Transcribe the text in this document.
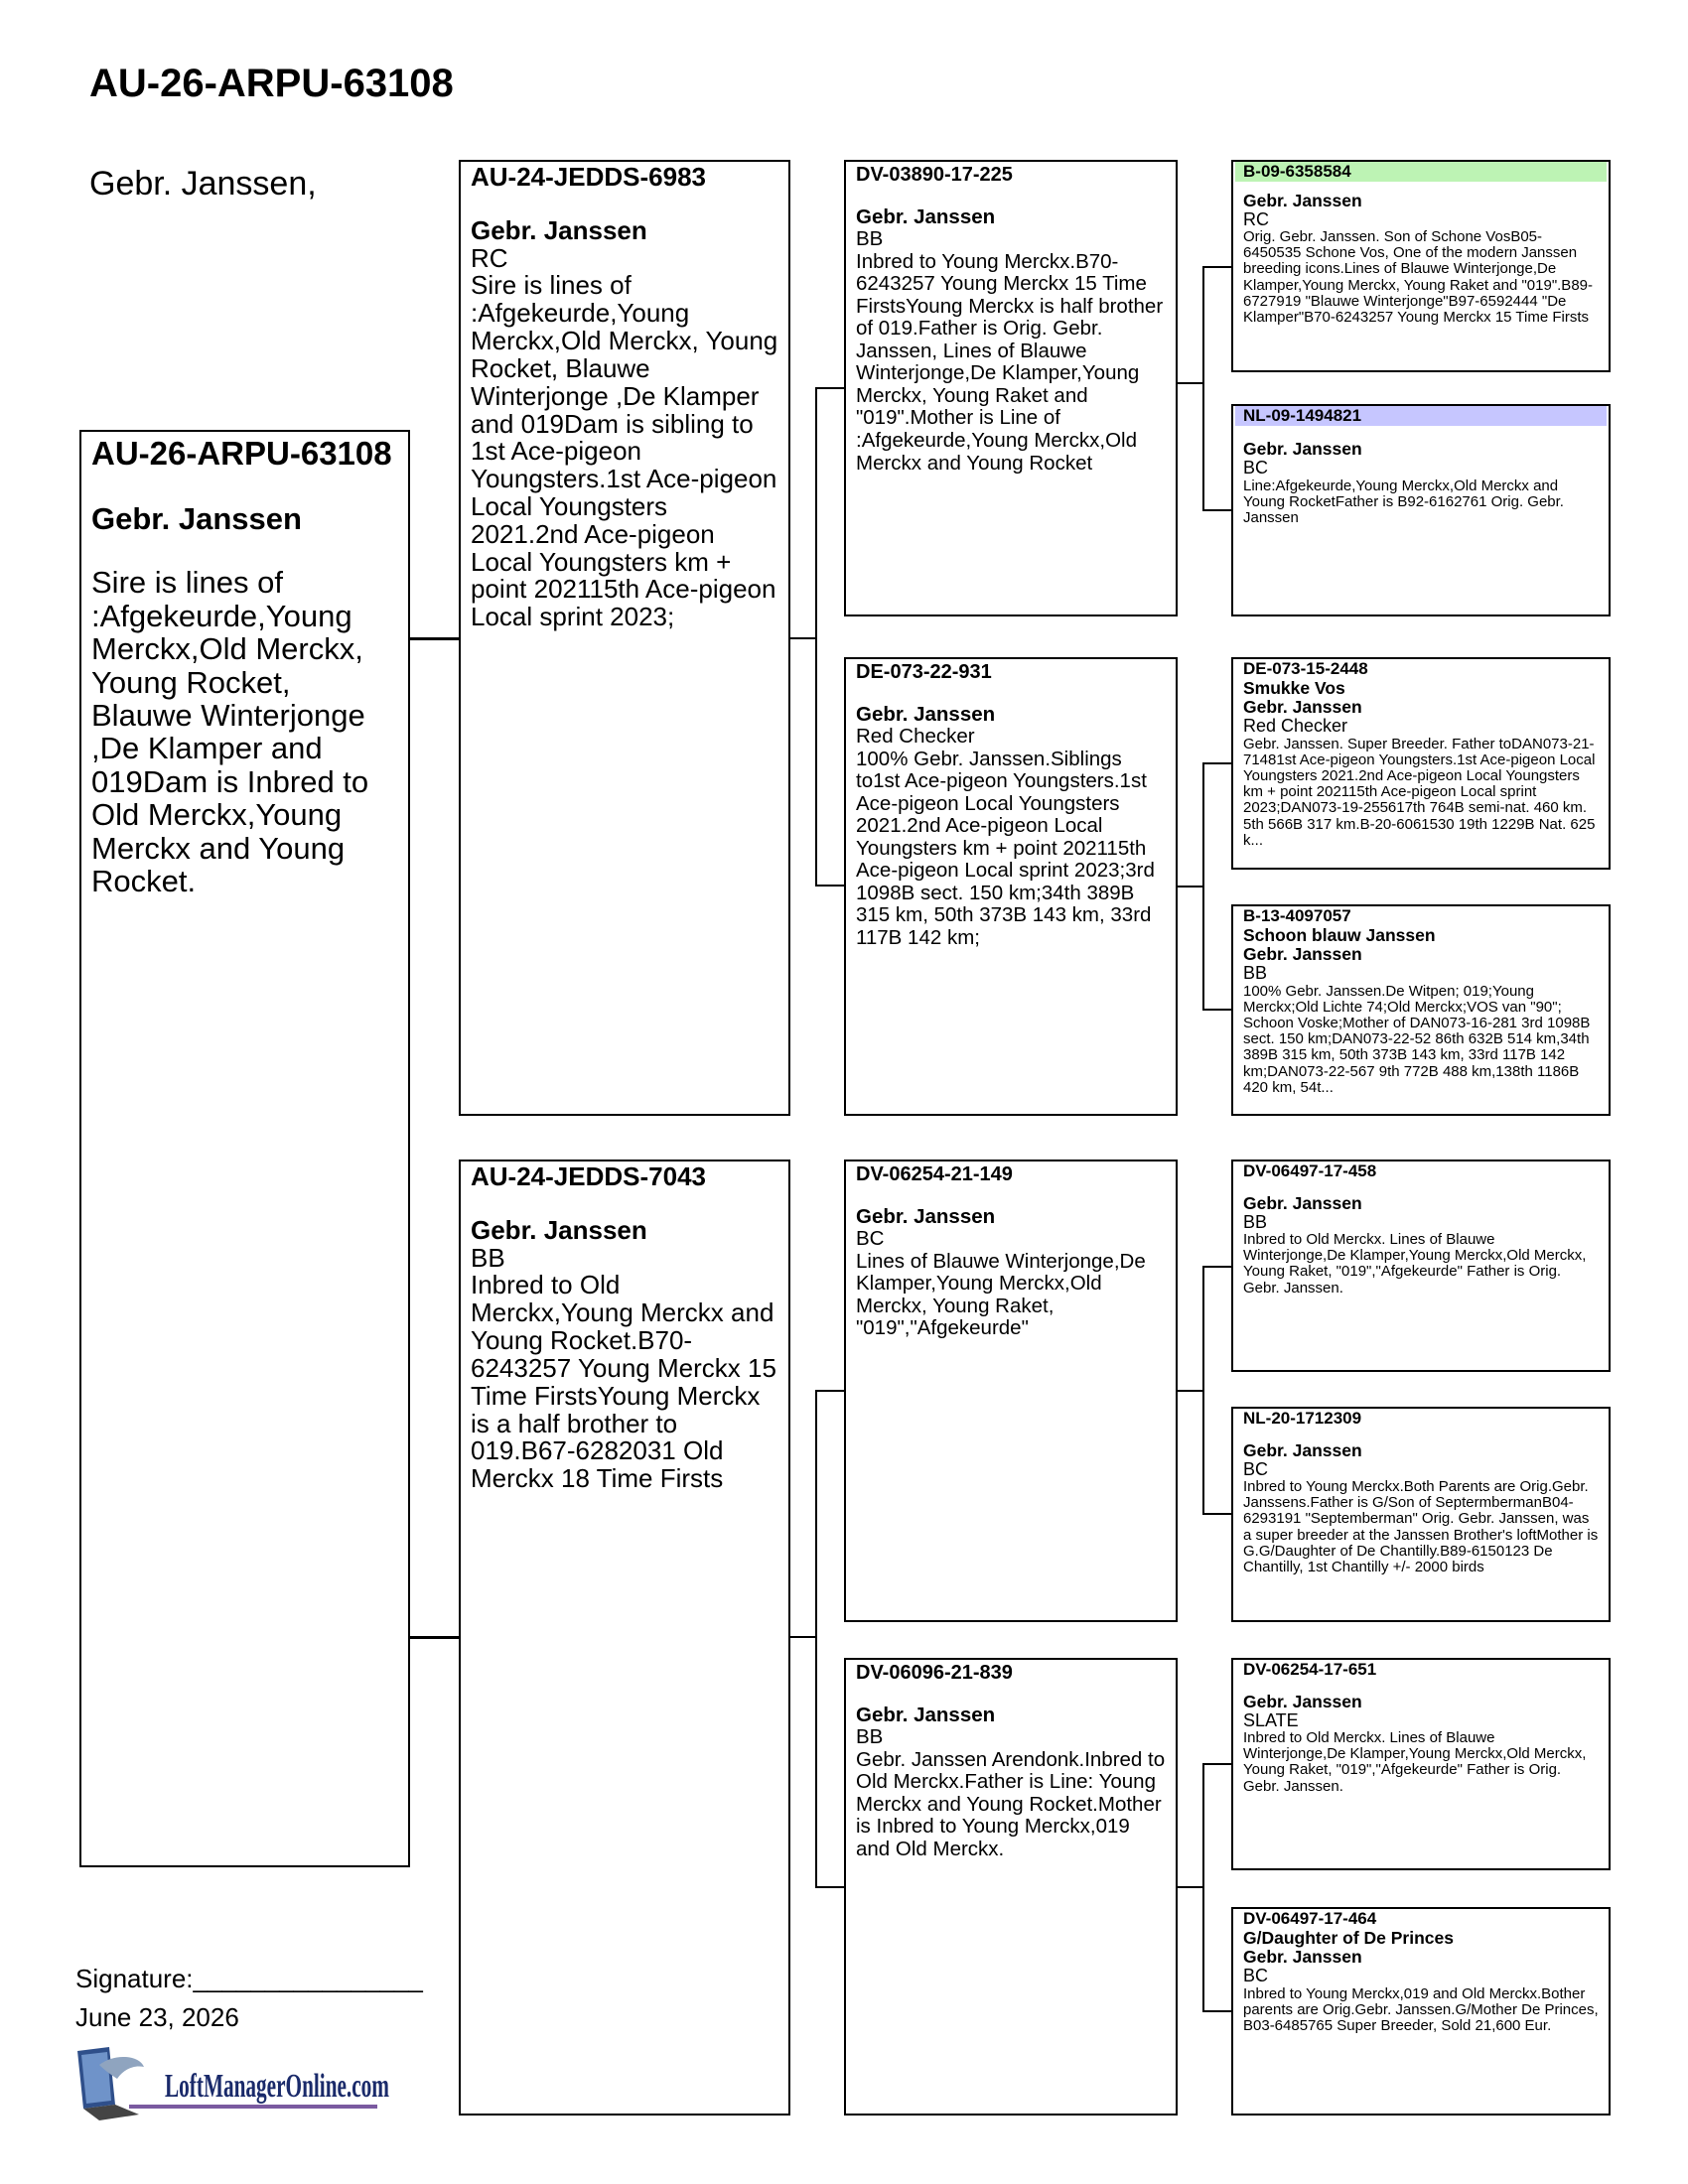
AU-26-ARPU-63108
Gebr. Janssen,
AU-26-ARPU-63108
Gebr. Janssen
Sire is lines of :Afgekeurde,Young Merckx,Old Merckx, Young Rocket, Blauwe Winterjonge ,De Klamper and 019Dam is Inbred to Old Merckx,Young Merckx and Young Rocket.
AU-24-JEDDS-6983
Gebr. Janssen
RC
Sire is lines of :Afgekeurde,Young Merckx,Old Merckx, Young Rocket, Blauwe Winterjonge ,De Klamper and 019Dam is sibling to 1st Ace-pigeon Youngsters.1st Ace-pigeon Local Youngsters 2021.2nd Ace-pigeon Local Youngsters km + point 202115th Ace-pigeon Local sprint 2023;
AU-24-JEDDS-7043
Gebr. Janssen
BB
Inbred to Old Merckx,Young Merckx and Young Rocket.B70-6243257 Young Merckx 15 Time FirstsYoung Merckx is a half brother to 019.B67-6282031 Old Merckx 18 Time Firsts
DV-03890-17-225
Gebr. Janssen
BB
Inbred to Young Merckx.B70-6243257 Young Merckx 15 Time FirstsYoung Merckx is half brother of 019.Father is Orig. Gebr. Janssen, Lines of Blauwe Winterjonge,De Klamper,Young Merckx, Young Raket and "019".Mother is Line of :Afgekeurde,Young Merckx,Old Merckx and Young Rocket
DE-073-22-931
Gebr. Janssen
Red Checker
100% Gebr. Janssen.Siblings to1st Ace-pigeon Youngsters.1st Ace-pigeon Local Youngsters 2021.2nd Ace-pigeon Local Youngsters km + point 202115th Ace-pigeon Local sprint 2023;3rd 1098B sect. 150 km;34th 389B 315 km, 50th 373B 143 km, 33rd 117B 142 km;
DV-06254-21-149
Gebr. Janssen
BC
Lines of Blauwe Winterjonge,De Klamper,Young Merckx,Old Merckx, Young Raket, "019","Afgekeurde"
DV-06096-21-839
Gebr. Janssen
BB
Gebr. Janssen Arendonk.Inbred to Old Merckx.Father is Line: Young Merckx and Young Rocket.Mother is Inbred to Young Merckx,019 and Old Merckx.
B-09-6358584
Gebr. Janssen
RC
Orig. Gebr. Janssen. Son of Schone VosB05-6450535 Schone Vos, One of the modern Janssen breeding icons.Lines of Blauwe Winterjonge,De Klamper,Young Merckx, Young Raket and "019".B89-6727919 "Blauwe Winterjonge"B97-6592444 "De Klamper"B70-6243257 Young Merckx 15 Time Firsts
NL-09-1494821
Gebr. Janssen
BC
Line:Afgekeurde,Young Merckx,Old Merckx and Young RocketFather is B92-6162761 Orig. Gebr. Janssen
DE-073-15-2448
Smukke Vos
Gebr. Janssen
Red Checker
Gebr. Janssen. Super Breeder. Father toDAN073-21-71481st Ace-pigeon Youngsters.1st Ace-pigeon Local Youngsters 2021.2nd Ace-pigeon Local Youngsters km + point 202115th Ace-pigeon Local sprint 2023;DAN073-19-255617th 764B semi-nat. 460 km. 5th 566B 317 km.B-20-6061530 19th 1229B Nat. 625 k...
B-13-4097057
Schoon blauw Janssen
Gebr. Janssen
BB
100% Gebr. Janssen.De Witpen; 019;Young Merckx;Old Lichte 74;Old Merckx;VOS van "90"; Schoon Voske;Mother of DAN073-16-281 3rd 1098B sect. 150 km;DAN073-22-52 86th 632B 514 km,34th 389B 315 km, 50th 373B 143 km, 33rd 117B 142 km;DAN073-22-567 9th 772B 488 km,138th 1186B 420 km, 54t...
DV-06497-17-458
Gebr. Janssen
BB
Inbred to Old Merckx. Lines of Blauwe Winterjonge,De Klamper,Young Merckx,Old Merckx, Young Raket, "019","Afgekeurde" Father is Orig. Gebr. Janssen.
NL-20-1712309
Gebr. Janssen
BC
Inbred to Young Merckx.Both Parents are Orig.Gebr. Janssens.Father is G/Son of SeptermbermanB04-6293191 "Septemberman" Orig. Gebr. Janssen, was a super breeder at the Janssen Brother's loftMother is G.G/Daughter of De Chantilly.B89-6150123 De Chantilly, 1st Chantilly +/- 2000 birds
DV-06254-17-651
Gebr. Janssen
SLATE
Inbred to Old Merckx. Lines of Blauwe Winterjonge,De Klamper,Young Merckx,Old Merckx, Young Raket, "019","Afgekeurde" Father is Orig. Gebr. Janssen.
DV-06497-17-464
G/Daughter of De Princes
Gebr. Janssen
BC
Inbred to Young Merckx,019 and Old Merckx.Bother parents are Orig.Gebr. Janssen.G/Mother De Princes, B03-6485765 Super Breeder, Sold 21,600 Eur.
Signature:________________
June 23, 2026
LoftManagerOnline.com
